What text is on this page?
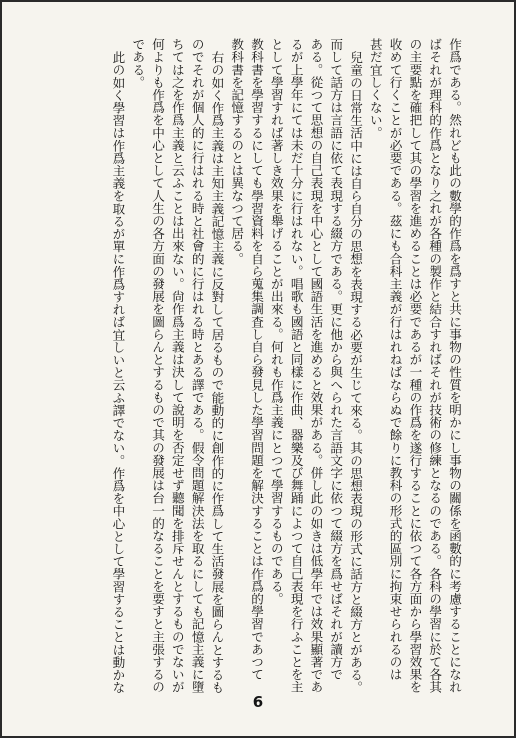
作爲である。然れども此の數學的作爲を爲すと共に事物の性質を明かにし事物の關係を函數的に考慮することになれ
ばそれが理科的作爲となり之れが各種の製作と結合すればそれが技術の修練となるのである。各科の學習に於て各其
の主要點を確把して其の學習を進めることは必要であるが一種の作爲を遂行することに依つて各方面から學習效果を
收めて行くことが必要である。茲にも合科主義が行はれねばならぬで餘りに教科の形式的區別に拘束せられるのは
甚だ宜しくない。
兒童の日常生活中には自ら自分の思想を表現する必要が生じて來る。其の思想表現の形式に話方と綴方とがある。
而して話方は言語に依て表現する綴方である。更に他から與へられた言語文字に依つて綴方を爲せばそれが讀方で
ある。從つて思想の自己表現を中心として國語生活を進めると效果がある。併し此の如きは低學年では效果顯著であ
るが上學年にては未だ十分に行はれない。唱歌も國語と同樣に作曲、器樂及び舞踊によつて自己表現を行ふことを主
として學習すれば著しき效果を舉げることが出來る。何れも作爲主義にとつて學習するものである。
教科書を學習するにしても學習資料を自ら蒐集調査し自ら發見した學習問題を解決することは作爲的學習であつて
教科書を記憶するのとは異なつて居る。
右の如く作爲主義は主知主義記憶主義に反對して居るもので能動的に創作的に作爲して生活發展を圖らんとするも
のでそれが個人的に行はれる時と社會的に行はれる時とある譯である。假令問題解決法を取るにしても記憶主義に墮
ちては之を作爲主義と云ふことは出來ない。尙作爲主義は決して說明を否定せず聽聞を排斥せんとするものでないが
何よりも作爲を中心として人生の各方面の發展を圖らんとするもので其の發展は台一的なることを要すと主張するの
である。
此の如く學習は作爲主義を取るが單に作爲すれば宜しいと云ふ譯でない。作爲を中心として學習することは動かな
6
